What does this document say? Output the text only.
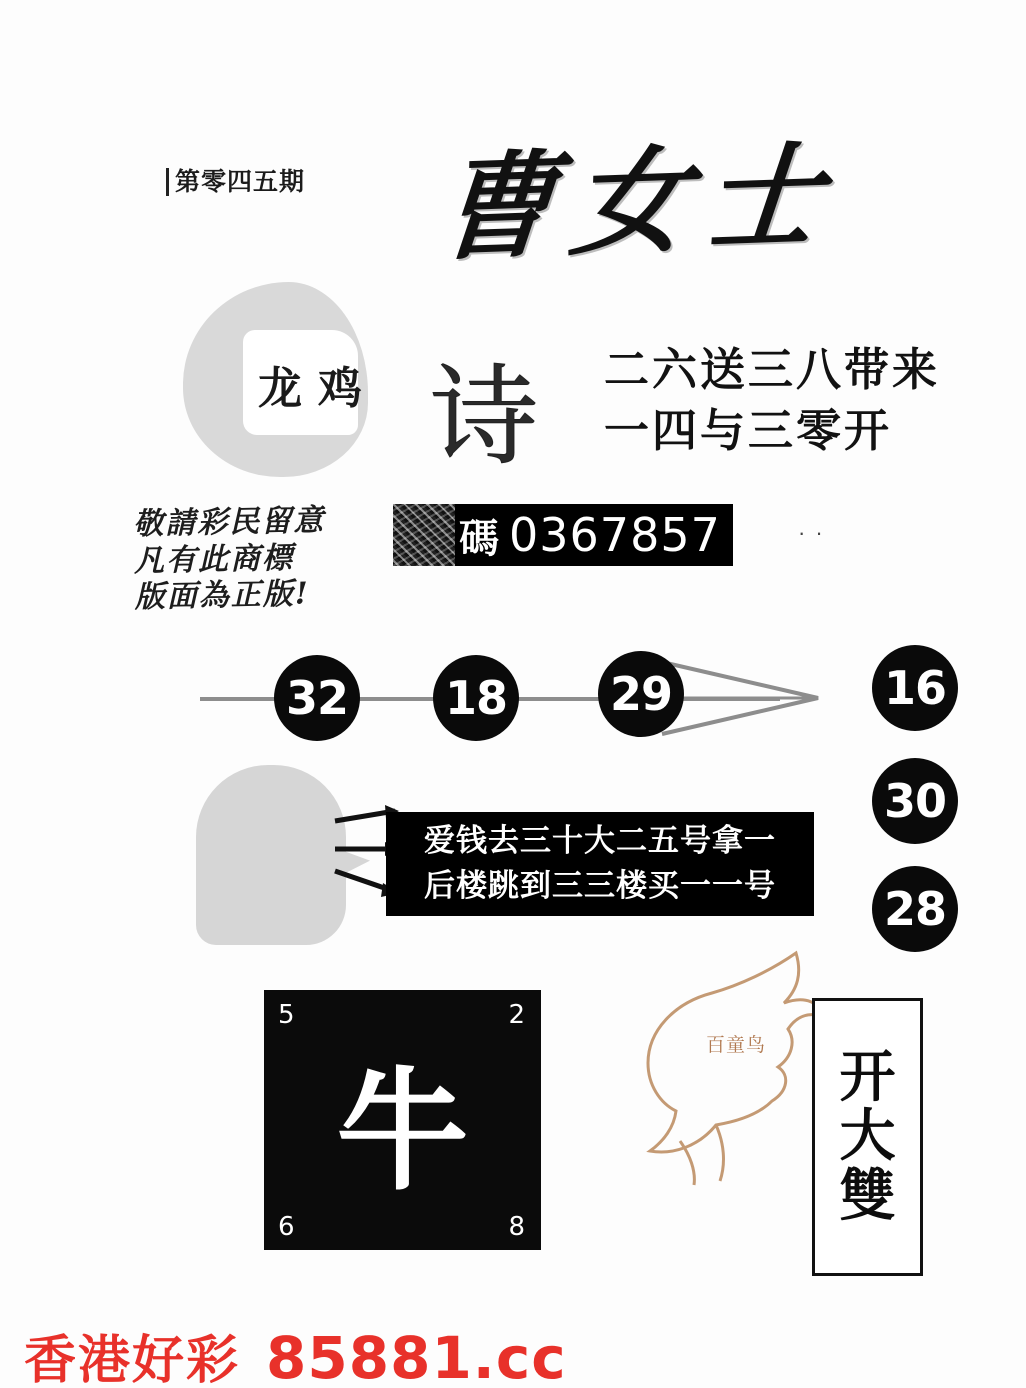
第零四五期 曹女士
龙 鸡 诗 二六送三八带来
一四与三零开
敬請彩民留意
凡有此商標
版面為正版!
碼 0367857	··
32 18 29	16
30
28
爱钱去三十大二五号拿一
后楼跳到三三楼买一一号
5	2
6	8
牛
百童鸟 开
大
雙
香港好彩 85881.cc
